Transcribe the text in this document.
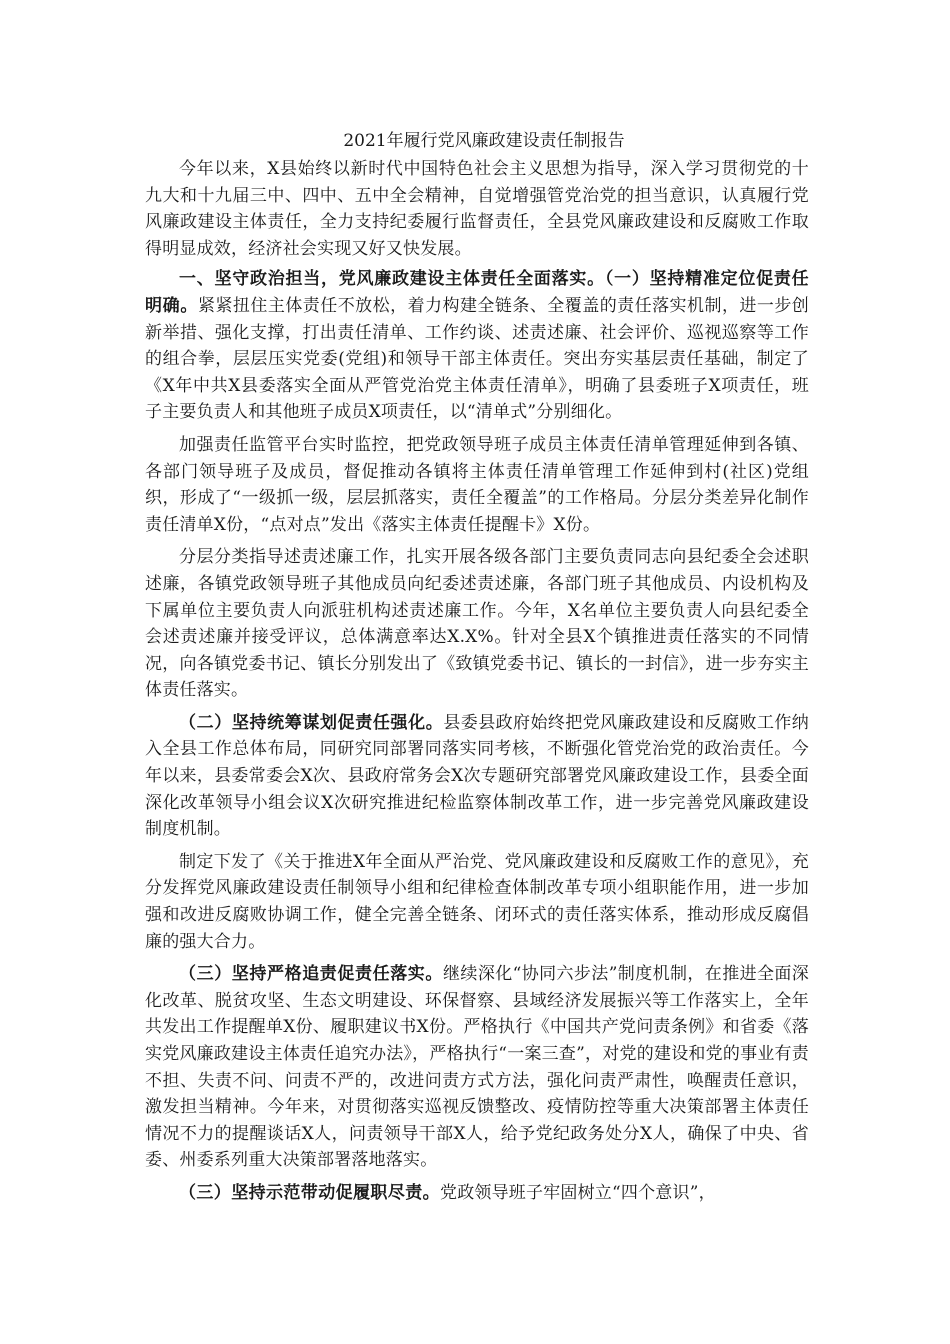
2021年履行党风廉政建设责任制报告

今年以来，X县始终以新时代中国特色社会主义思想为指导，深入学习贯彻党的十九大和十九届三中、四中、五中全会精神，自觉增强管党治党的担当意识，认真履行党风廉政建设主体责任，全力支持纪委履行监督责任，全县党风廉政建设和反腐败工作取得明显成效，经济社会实现又好又快发展。

一、坚守政治担当，党风廉政建设主体责任全面落实。（一）坚持精准定位促责任明确。紧紧扭住主体责任不放松，着力构建全链条、全覆盖的责任落实机制，进一步创新举措、强化支撑，打出责任清单、工作约谈、述责述廉、社会评价、巡视巡察等工作的组合拳，层层压实党委(党组)和领导干部主体责任。突出夯实基层责任基础，制定了《X年中共X县委落实全面从严管党治党主体责任清单》，明确了县委班子X项责任，班子主要负责人和其他班子成员X项责任，以“清单式”分别细化。

加强责任监管平台实时监控，把党政领导班子成员主体责任清单管理延伸到各镇、各部门领导班子及成员，督促推动各镇将主体责任清单管理工作延伸到村(社区)党组织，形成了“一级抓一级，层层抓落实，责任全覆盖”的工作格局。分层分类差异化制作责任清单X份，“点对点”发出《落实主体责任提醒卡》X份。

分层分类指导述责述廉工作，扎实开展各级各部门主要负责同志向县纪委全会述职述廉，各镇党政领导班子其他成员向纪委述责述廉，各部门班子其他成员、内设机构及下属单位主要负责人向派驻机构述责述廉工作。今年，X名单位主要负责人向县纪委全会述责述廉并接受评议，总体满意率达X.X%。针对全县X个镇推进责任落实的不同情况，向各镇党委书记、镇长分别发出了《致镇党委书记、镇长的一封信》，进一步夯实主体责任落实。

（二）坚持统筹谋划促责任强化。县委县政府始终把党风廉政建设和反腐败工作纳入全县工作总体布局，同研究同部署同落实同考核，不断强化管党治党的政治责任。今年以来，县委常委会X次、县政府常务会X次专题研究部署党风廉政建设工作，县委全面深化改革领导小组会议X次研究推进纪检监察体制改革工作，进一步完善党风廉政建设制度机制。

制定下发了《关于推进X年全面从严治党、党风廉政建设和反腐败工作的意见》，充分发挥党风廉政建设责任制领导小组和纪律检查体制改革专项小组职能作用，进一步加强和改进反腐败协调工作，健全完善全链条、闭环式的责任落实体系，推动形成反腐倡廉的强大合力。

（三）坚持严格追责促责任落实。继续深化“协同六步法”制度机制，在推进全面深化改革、脱贫攻坚、生态文明建设、环保督察、县域经济发展振兴等工作落实上，全年共发出工作提醒单X份、履职建议书X份。严格执行《中国共产党问责条例》和省委《落实党风廉政建设主体责任追究办法》，严格执行“一案三查”，对党的建设和党的事业有责不担、失责不问、问责不严的，改进问责方式方法，强化问责严肃性，唤醒责任意识，激发担当精神。今年来，对贯彻落实巡视反馈整改、疫情防控等重大决策部署主体责任情况不力的提醒谈话X人，问责领导干部X人，给予党纪政务处分X人，确保了中央、省委、州委系列重大决策部署落地落实。

（三）坚持示范带动促履职尽责。党政领导班子牢固树立“四个意识”，
